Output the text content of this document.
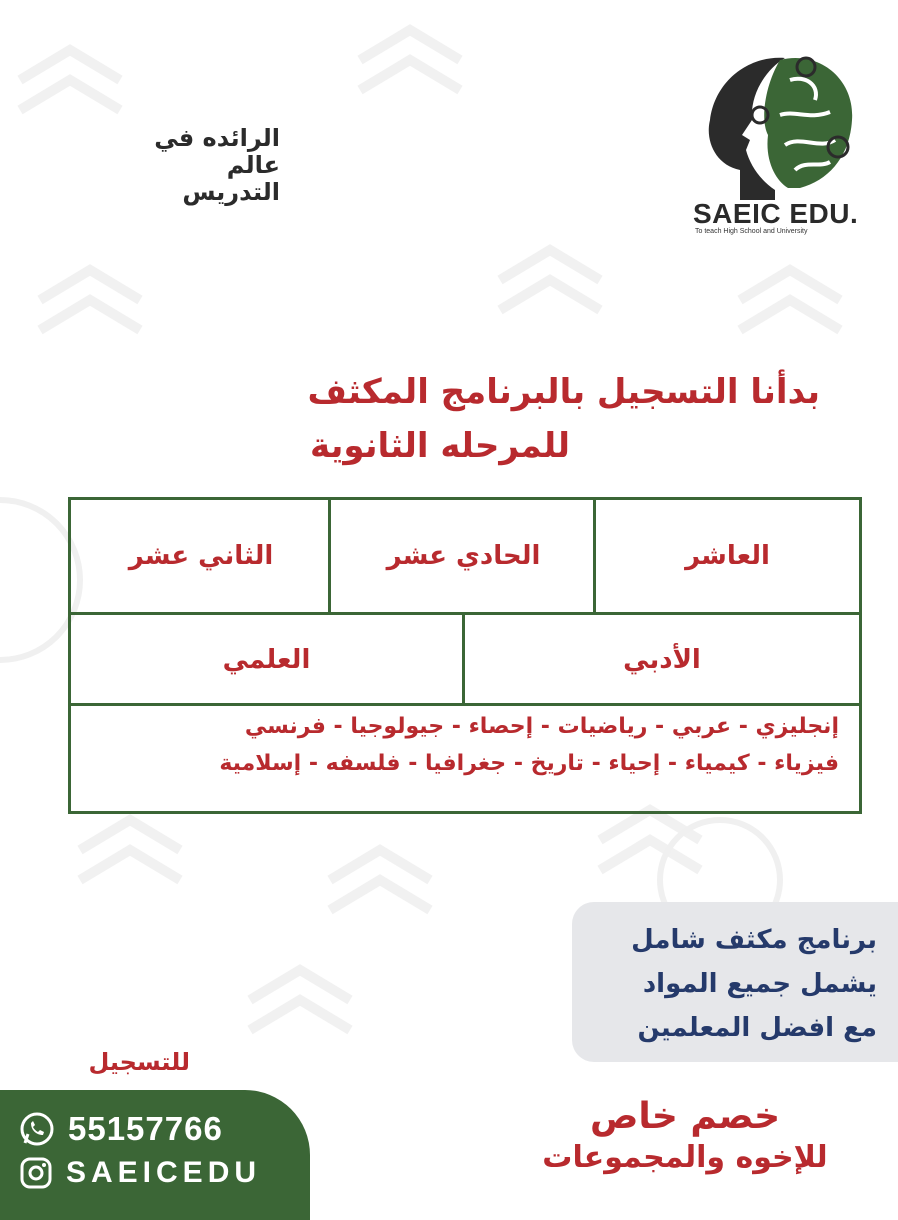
الرائده في عالم
التدريس
SAEIC EDU.
To teach High School and University
بدأنا التسجيل بالبرنامج المكثف
للمرحله الثانوية
العاشر
الحادي عشر
الثاني عشر
الأدبي
العلمي
إنجليزي - عربي - رياضيات - إحصاء - جيولوجيا - فرنسي
فيزياء - كيمياء - إحياء - تاريخ - جغرافيا - فلسفه - إسلامية
برنامج مكثف شامل
يشمل جميع المواد
مع افضل المعلمين
خصم خاص
للإخوه والمجموعات
للتسجيل
55157766
SAEICEDU
